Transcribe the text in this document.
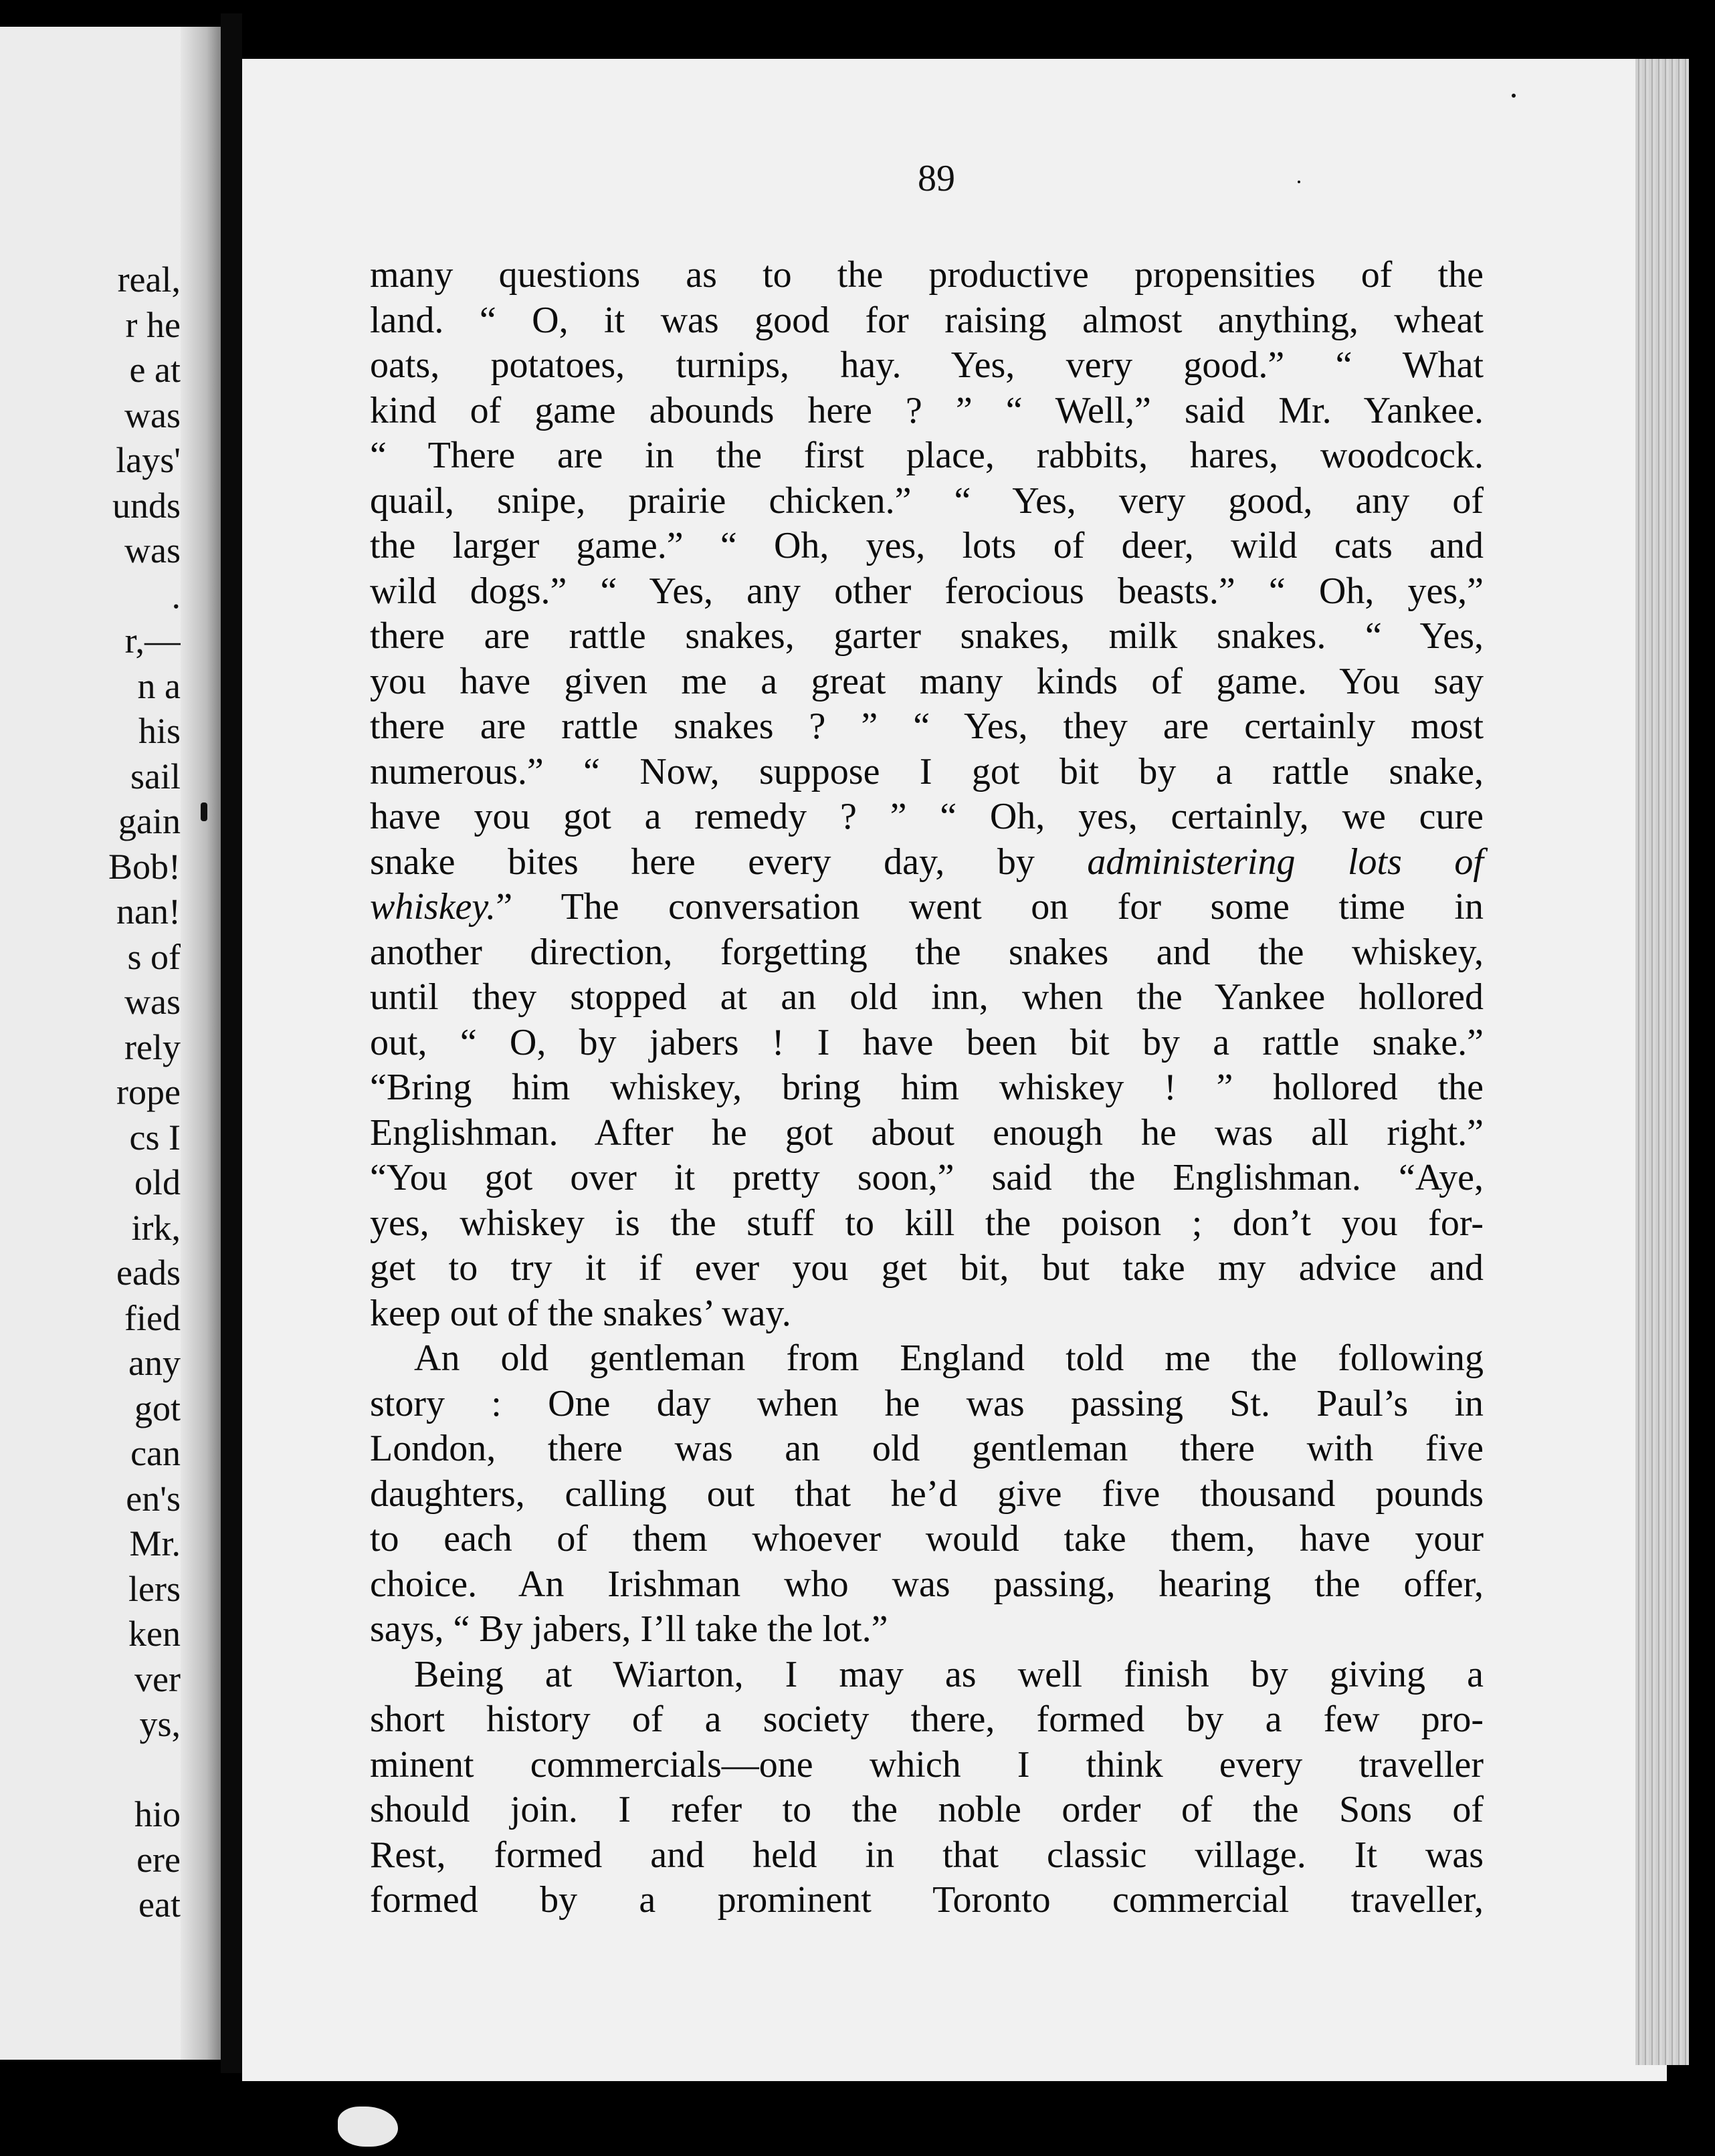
real,
r he
e at
was
lays'
unds
was
.
r,—
n a
his
sail
gain
Bob!
nan!
s of
was
rely
rope
cs I
old
irk,
eads
fied
any
got
can
en's
Mr.
lers
ken
ver
ys,
hio
ere
eat

89

many questions as to the productive propensities of the
land. “ O, it was good for raising almost anything, wheat
oats, potatoes, turnips, hay. Yes, very good.” “ What
kind of game abounds here ? ” “ Well,” said Mr. Yankee.
“ There are in the first place, rabbits, hares, woodcock.
quail, snipe, prairie chicken.” “ Yes, very good, any of
the larger game.” “ Oh, yes, lots of deer, wild cats and
wild dogs.” “ Yes, any other ferocious beasts.” “ Oh, yes,”
there are rattle snakes, garter snakes, milk snakes. “ Yes,
you have given me a great many kinds of game. You say
there are rattle snakes ? ” “ Yes, they are certainly most
numerous.” “ Now, suppose I got bit by a rattle snake,
have you got a remedy ? ” “ Oh, yes, certainly, we cure
snake bites here every day, by administering lots of
whiskey.” The conversation went on for some time in
another direction, forgetting the snakes and the whiskey,
until they stopped at an old inn, when the Yankee hollored
out, “ O, by jabers ! I have been bit by a rattle snake.”
“Bring him whiskey, bring him whiskey ! ” hollored the
Englishman. After he got about enough he was all right.”
“You got over it pretty soon,” said the Englishman. “Aye,
yes, whiskey is the stuff to kill the poison ; don’t you for-
get to try it if ever you get bit, but take my advice and
keep out of the snakes’ way.
An old gentleman from England told me the following
story : One day when he was passing St. Paul’s in
London, there was an old gentleman there with five
daughters, calling out that he’d give five thousand pounds
to each of them whoever would take them, have your
choice. An Irishman who was passing, hearing the offer,
says, “ By jabers, I’ll take the lot.”
Being at Wiarton, I may as well finish by giving a
short history of a society there, formed by a few pro-
minent commercials—one which I think every traveller
should join. I refer to the noble order of the Sons of
Rest, formed and held in that classic village. It was
formed by a prominent Toronto commercial traveller,
